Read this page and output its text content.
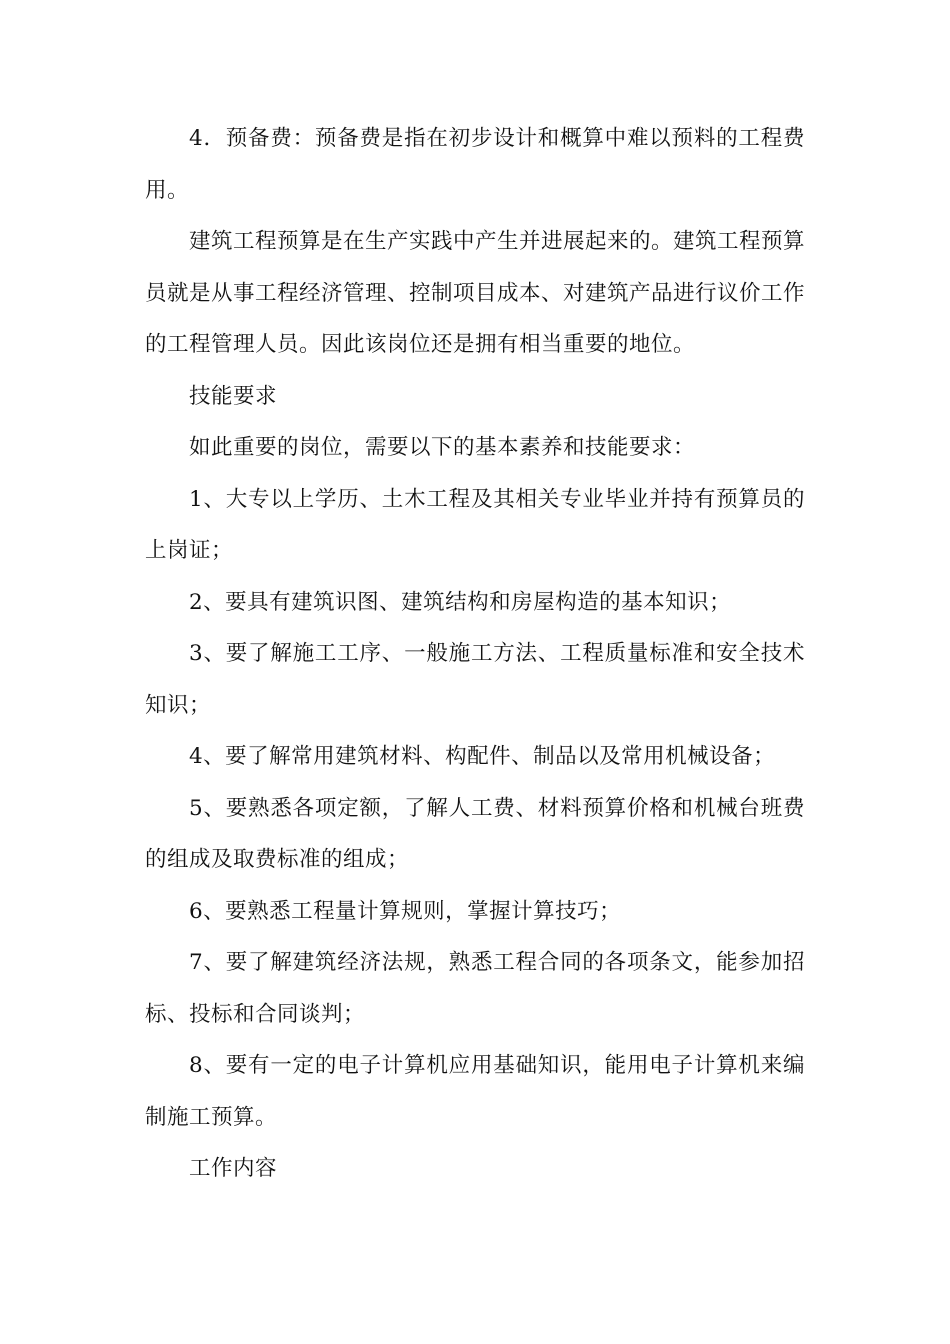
4．预备费：预备费是指在初步设计和概算中难以预料的工程费用。

建筑工程预算是在生产实践中产生并进展起来的。建筑工程预算员就是从事工程经济管理、控制项目成本、对建筑产品进行议价工作的工程管理人员。因此该岗位还是拥有相当重要的地位。

技能要求

如此重要的岗位，需要以下的基本素养和技能要求：

1、大专以上学历、土木工程及其相关专业毕业并持有预算员的上岗证；

2、要具有建筑识图、建筑结构和房屋构造的基本知识；

3、要了解施工工序、一般施工方法、工程质量标准和安全技术知识；

4、要了解常用建筑材料、构配件、制品以及常用机械设备；

5、要熟悉各项定额，了解人工费、材料预算价格和机械台班费的组成及取费标准的组成；

6、要熟悉工程量计算规则，掌握计算技巧；

7、要了解建筑经济法规，熟悉工程合同的各项条文，能参加招标、投标和合同谈判；

8、要有一定的电子计算机应用基础知识，能用电子计算机来编制施工预算。

工作内容
